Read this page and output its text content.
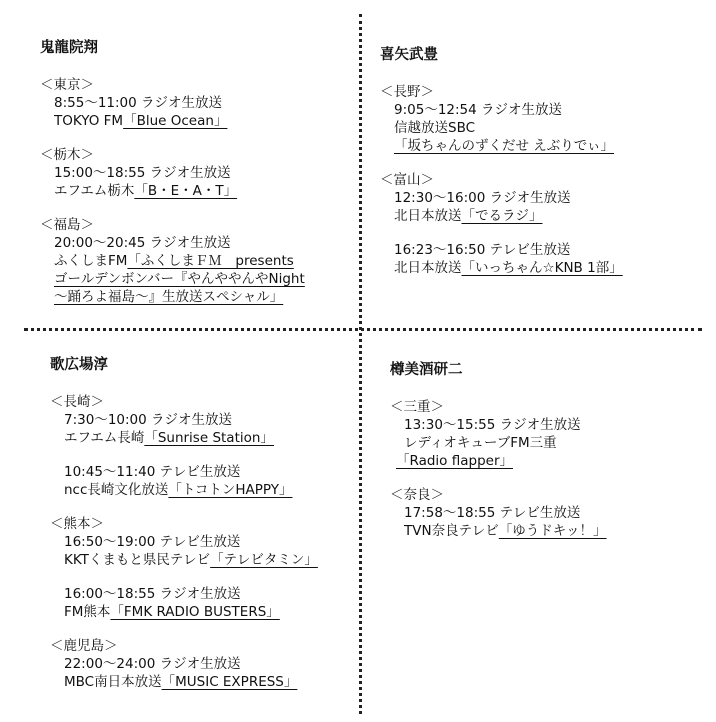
鬼龍院翔
＜東京＞
8:55〜11:00 ラジオ生放送
TOKYO FM「Blue Ocean」
＜栃木＞
15:00〜18:55 ラジオ生放送
エフエム栃木「B・E・A・T」
＜福島＞
20:00〜20:45 ラジオ生放送
ふくしまFM「ふくしまＦＭ　presents
ゴールデンボンバー『やんややんやNight
〜踊ろよ福島〜』生放送スペシャル」
喜矢武豊
＜長野＞
9:05〜12:54 ラジオ生放送
信越放送SBC
「坂ちゃんのずくだせ えぶりでぃ」
＜富山＞
12:30〜16:00 ラジオ生放送
北日本放送「でるラジ」
16:23〜16:50 テレビ生放送
北日本放送「いっちゃん☆KNB 1部」
歌広場淳
＜長崎＞
7:30〜10:00 ラジオ生放送
エフエム長崎「Sunrise Station」
10:45〜11:40 テレビ生放送
ncc長崎文化放送「トコトンHAPPY」
＜熊本＞
16:50〜19:00 テレビ生放送
KKTくまもと県民テレビ「テレビタミン」
16:00〜18:55 ラジオ生放送
FM熊本「FMK RADIO BUSTERS」
＜鹿児島＞
22:00〜24:00 ラジオ生放送
MBC南日本放送「MUSIC EXPRESS」
樽美酒研二
＜三重＞
13:30〜15:55 ラジオ生放送
レディオキューブFM三重
「Radio flapper」
＜奈良＞
17:58〜18:55 テレビ生放送
TVN奈良テレビ「ゆうドキッ！」
